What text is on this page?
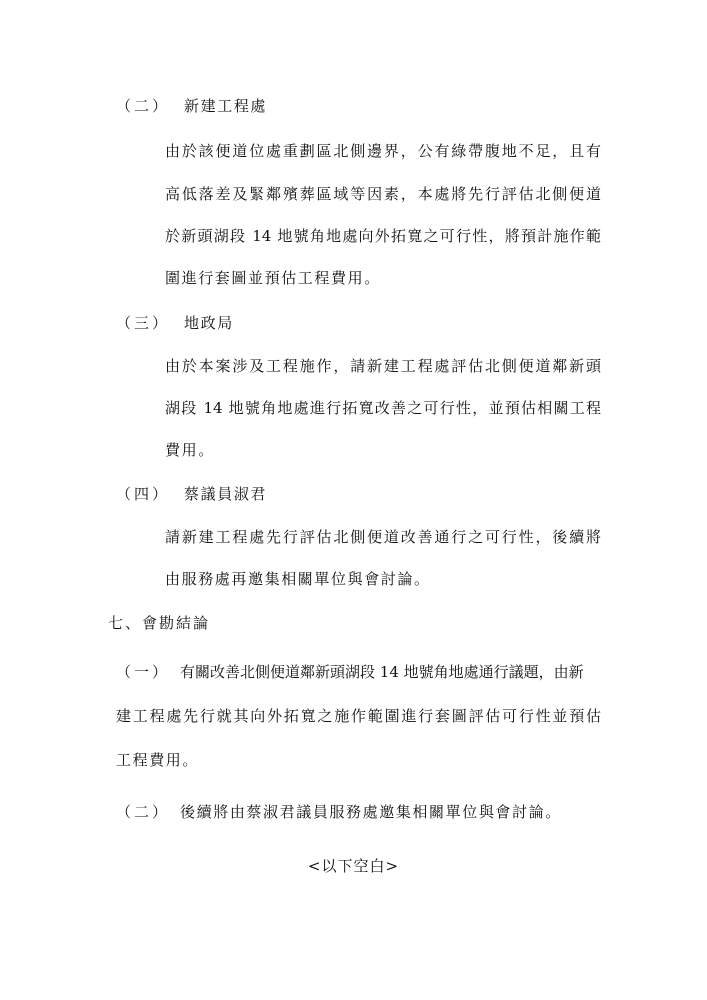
（二） 新建工程處
由於該便道位處重劃區北側邊界，公有綠帶腹地不足，且有
高低落差及緊鄰殯葬區域等因素，本處將先行評估北側便道
於新頭湖段 14 地號角地處向外拓寬之可行性，將預計施作範
圍進行套圖並預估工程費用。
（三） 地政局
由於本案涉及工程施作，請新建工程處評估北側便道鄰新頭
湖段 14 地號角地處進行拓寬改善之可行性，並預估相關工程
費用。
（四） 蔡議員淑君
請新建工程處先行評估北側便道改善通行之可行性，後續將
由服務處再邀集相關單位與會討論。
七、會勘結論
（一） 有關改善北側便道鄰新頭湖段 14 地號角地處通行議題，由新
建工程處先行就其向外拓寬之施作範圍進行套圖評估可行性並預估
工程費用。
（二） 後續將由蔡淑君議員服務處邀集相關單位與會討論。
<以下空白>
